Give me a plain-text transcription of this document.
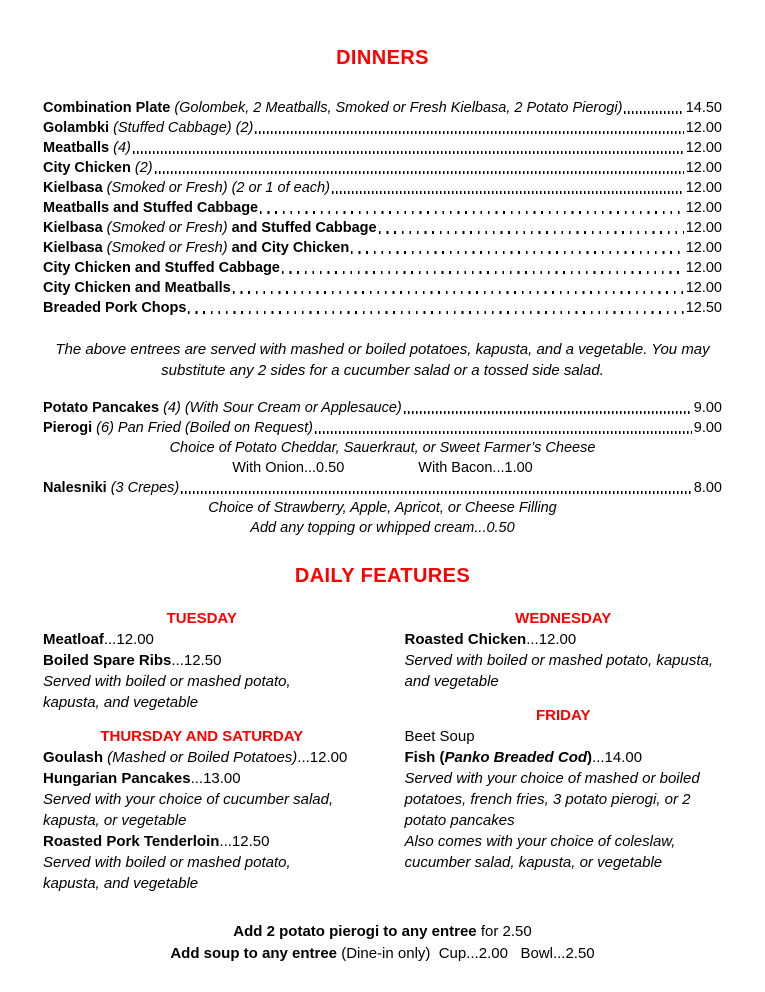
DINNERS
Combination Plate (Golombek, 2 Meatballs, Smoked or Fresh Kielbasa, 2 Potato Pierogi)	14.50
Golambki (Stuffed Cabbage) (2)	12.00
Meatballs (4)	12.00
City Chicken (2)	12.00
Kielbasa (Smoked or Fresh) (2 or 1 of each)	12.00
Meatballs and Stuffed Cabbage	12.00
Kielbasa (Smoked or Fresh) and Stuffed Cabbage	12.00
Kielbasa (Smoked or Fresh) and City Chicken	12.00
City Chicken and Stuffed Cabbage	12.00
City Chicken and Meatballs	12.00
Breaded Pork Chops	12.50
The above entrees are served with mashed or boiled potatoes, kapusta, and a vegetable. You may
substitute any 2 sides for a cucumber salad or a tossed side salad.
Potato Pancakes (4) (With Sour Cream or Applesauce)	9.00
Pierogi (6) Pan Fried (Boiled on Request)	9.00
Choice of Potato Cheddar, Sauerkraut, or Sweet Farmer’s Cheese
With Onion...0.50	With Bacon...1.00
Nalesniki (3 Crepes)	8.00
Choice of Strawberry, Apple, Apricot, or Cheese Filling
Add any topping or whipped cream...0.50
DAILY FEATURES
TUESDAY
Meatloaf...12.00
Boiled Spare Ribs...12.50
Served with boiled or mashed potato,
kapusta, and vegetable
THURSDAY AND SATURDAY
Goulash (Mashed or Boiled Potatoes)...12.00
Hungarian Pancakes...13.00
Served with your choice of cucumber salad,
kapusta, or vegetable
Roasted Pork Tenderloin...12.50
Served with boiled or mashed potato,
kapusta, and vegetable
WEDNESDAY
Roasted Chicken...12.00
Served with boiled or mashed potato, kapusta,
and vegetable
FRIDAY
Beet Soup
Fish (Panko Breaded Cod)...14.00
Served with your choice of mashed or boiled
potatoes, french fries, 3 potato pierogi, or 2
potato pancakes
Also comes with your choice of coleslaw,
cucumber salad, kapusta, or vegetable
Add 2 potato pierogi to any entree for 2.50
Add soup to any entree (Dine-in only)  Cup...2.00   Bowl...2.50
